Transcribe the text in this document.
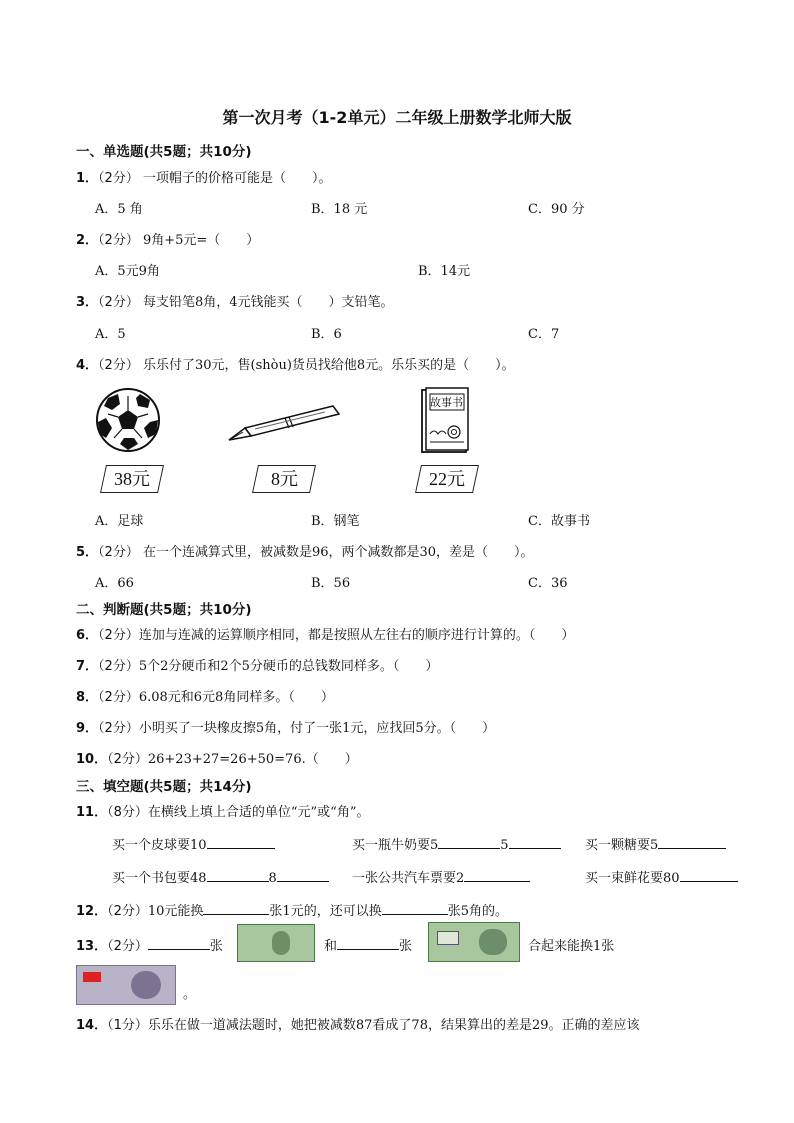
第一次月考（1-2单元）二年级上册数学北师大版
一、单选题(共5题；共10分)
1．（2分） 一项帽子的价格可能是（　　）。
A．5 角	B．18 元	C．90 分
2．（2分） 9角+5元=（　　）
A．5元9角	B．14元
3．（2分） 每支铅笔8角，4元钱能买（　　）支铅笔。
A．5	B．6	C．7
4．（2分） 乐乐付了30元，售(shòu)货员找给他8元。乐乐买的是（　　）。
故事书
38元	8元	22元
A．足球	B．钢笔	C．故事书
5．（2分） 在一个连减算式里，被减数是96，两个减数都是30，差是（　　）。
A．66	B．56	C．36
二、判断题(共5题；共10分)
6．（2分）连加与连减的运算顺序相同，都是按照从左往右的顺序进行计算的。（　　）
7．（2分）5个2分硬币和2个5分硬币的总钱数同样多。（　　）
8．（2分）6.08元和6元8角同样多。（　　）
9．（2分）小明买了一块橡皮擦5角，付了一张1元，应找回5分。（　　）
10．（2分）26+23+27=26+50=76.（　　）
三、填空题(共5题；共14分)
11．（8分）在横线上填上合适的单位“元”或“角”。
买一个皮球要10	买一瓶牛奶要5	5	买一颗糖要5
买一个书包要48	8	一张公共汽车票要2	买一束鲜花要80
12．（2分）10元能换	张1元的，还可以换	张5角的。
13．（2分）	张	和	张	合起来能换1张
。
14．（1分）乐乐在做一道减法题时，她把被减数87看成了78，结果算出的差是29。正确的差应该
